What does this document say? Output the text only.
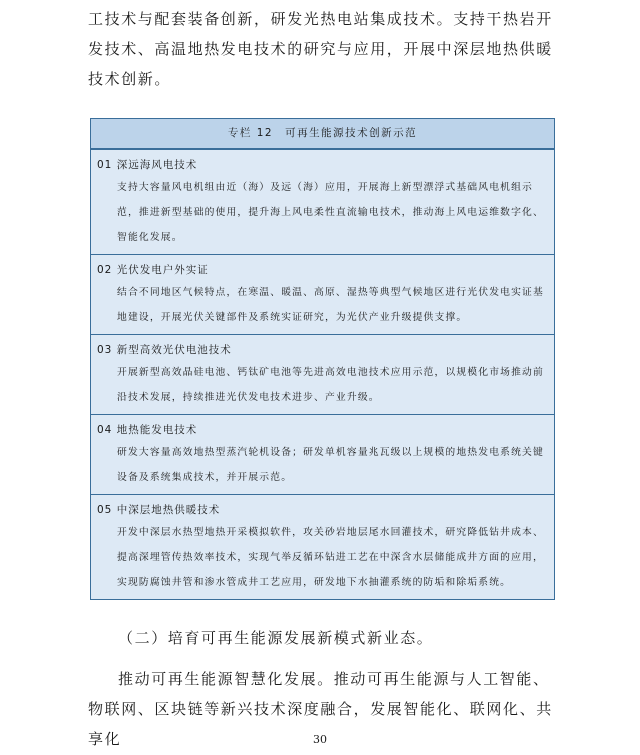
工技术与配套装备创新，研发光热电站集成技术。支持干热岩开发技术、高温地热发电技术的研究与应用，开展中深层地热供暖技术创新。

专栏 12　可再生能源技术创新示范
01 深远海风电技术

支持大容量风电机组由近（海）及远（海）应用，开展海上新型漂浮式基础风电机组示范，推进新型基础的使用，提升海上风电柔性直流输电技术，推动海上风电运维数字化、智能化发展。

02 光伏发电户外实证

结合不同地区气候特点，在寒温、暖温、高原、湿热等典型气候地区进行光伏发电实证基地建设，开展光伏关键部件及系统实证研究，为光伏产业升级提供支撑。

03 新型高效光伏电池技术

开展新型高效晶硅电池、钙钛矿电池等先进高效电池技术应用示范，以规模化市场推动前沿技术发展，持续推进光伏发电技术进步、产业升级。

04 地热能发电技术

研发大容量高效地热型蒸汽轮机设备；研发单机容量兆瓦级以上规模的地热发电系统关键设备及系统集成技术，并开展示范。

05 中深层地热供暖技术

开发中深层水热型地热开采模拟软件，攻关砂岩地层尾水回灌技术，研究降低钻井成本、提高深埋管传热效率技术，实现气举反循环钻进工艺在中深含水层储能成井方面的应用，实现防腐蚀井管和渗水管成井工艺应用，研发地下水抽灌系统的防垢和除垢系统。

（二）培育可再生能源发展新模式新业态。

推动可再生能源智慧化发展。推动可再生能源与人工智能、物联网、区块链等新兴技术深度融合，发展智能化、联网化、共享化	30
